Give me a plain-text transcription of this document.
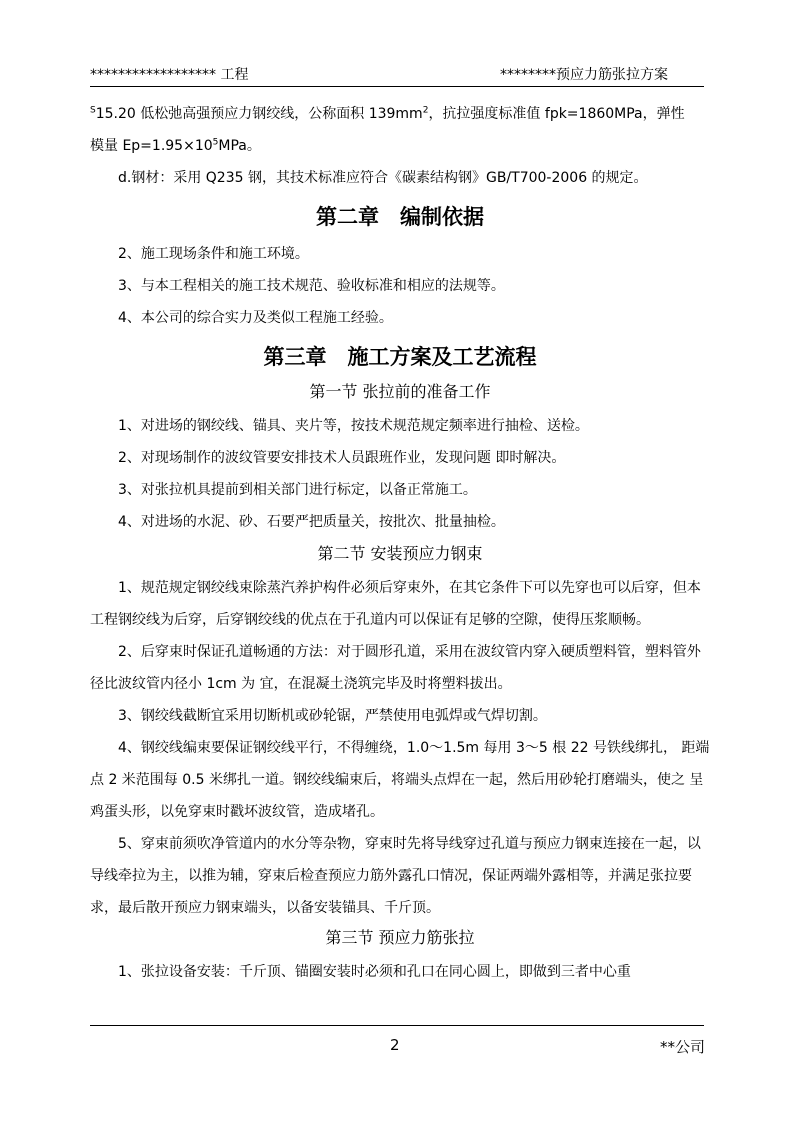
****************** 工程	********预应力筋张拉方案

$^S$15.20 低松弛高强预应力钢绞线，公称面积 $139mm^2$，抗拉强度标准值 fpk=1860MPa，弹性

模量 $Ep=1.95\times 10^5MPa$。

d.钢材：采用 Q235 钢，其技术标准应符合《碳素结构钢》GB/T700-2006 的规定。

第二章　编制依据

2、施工现场条件和施工环境。

3、与本工程相关的施工技术规范、验收标准和相应的法规等。

4、本公司的综合实力及类似工程施工经验。

第三章　施工方案及工艺流程
第一节 张拉前的准备工作

1、对进场的钢绞线、锚具、夹片等，按技术规范规定频率进行抽检、送检。

2、对现场制作的波纹管要安排技术人员跟班作业，发现问题 即时解决。

3、对张拉机具提前到相关部门进行标定，以备正常施工。

4、对进场的水泥、砂、石要严把质量关，按批次、批量抽检。

第二节 安装预应力钢束

1、规范规定钢绞线束除蒸汽养护构件必须后穿束外，在其它条件下可以先穿也可以后穿，但本工程钢绞线为后穿，后穿钢绞线的优点在于孔道内可以保证有足够的空隙，使得压浆顺畅。

2、后穿束时保证孔道畅通的方法：对于圆形孔道，采用在波纹管内穿入硬质塑料管，塑料管外径比波纹管内径小 1cm 为 宜，在混凝土浇筑完毕及时将塑料拔出。

3、钢绞线截断宜采用切断机或砂轮锯，严禁使用电弧焊或气焊切割。

4、钢绞线编束要保证钢绞线平行，不得缠绕，1.0～1.5m 每用 3～5 根 22 号铁线绑扎， 距端点 2 米范围每 0.5 米绑扎一道。钢绞线编束后，将端头点焊在一起，然后用砂轮打磨端头，使之 呈鸡蛋头形，以免穿束时戳坏波纹管，造成堵孔。

5、穿束前须吹净管道内的水分等杂物，穿束时先将导线穿过孔道与预应力钢束连接在一起，以导线牵拉为主，以推为辅，穿束后检查预应力筋外露孔口情况，保证两端外露相等，并满足张拉要求，最后散开预应力钢束端头，以备安装锚具、千斤顶。

第三节 预应力筋张拉

1、张拉设备安装：千斤顶、锚圈安装时必须和孔口在同心圆上，即做到三者中心重

2	**公司
